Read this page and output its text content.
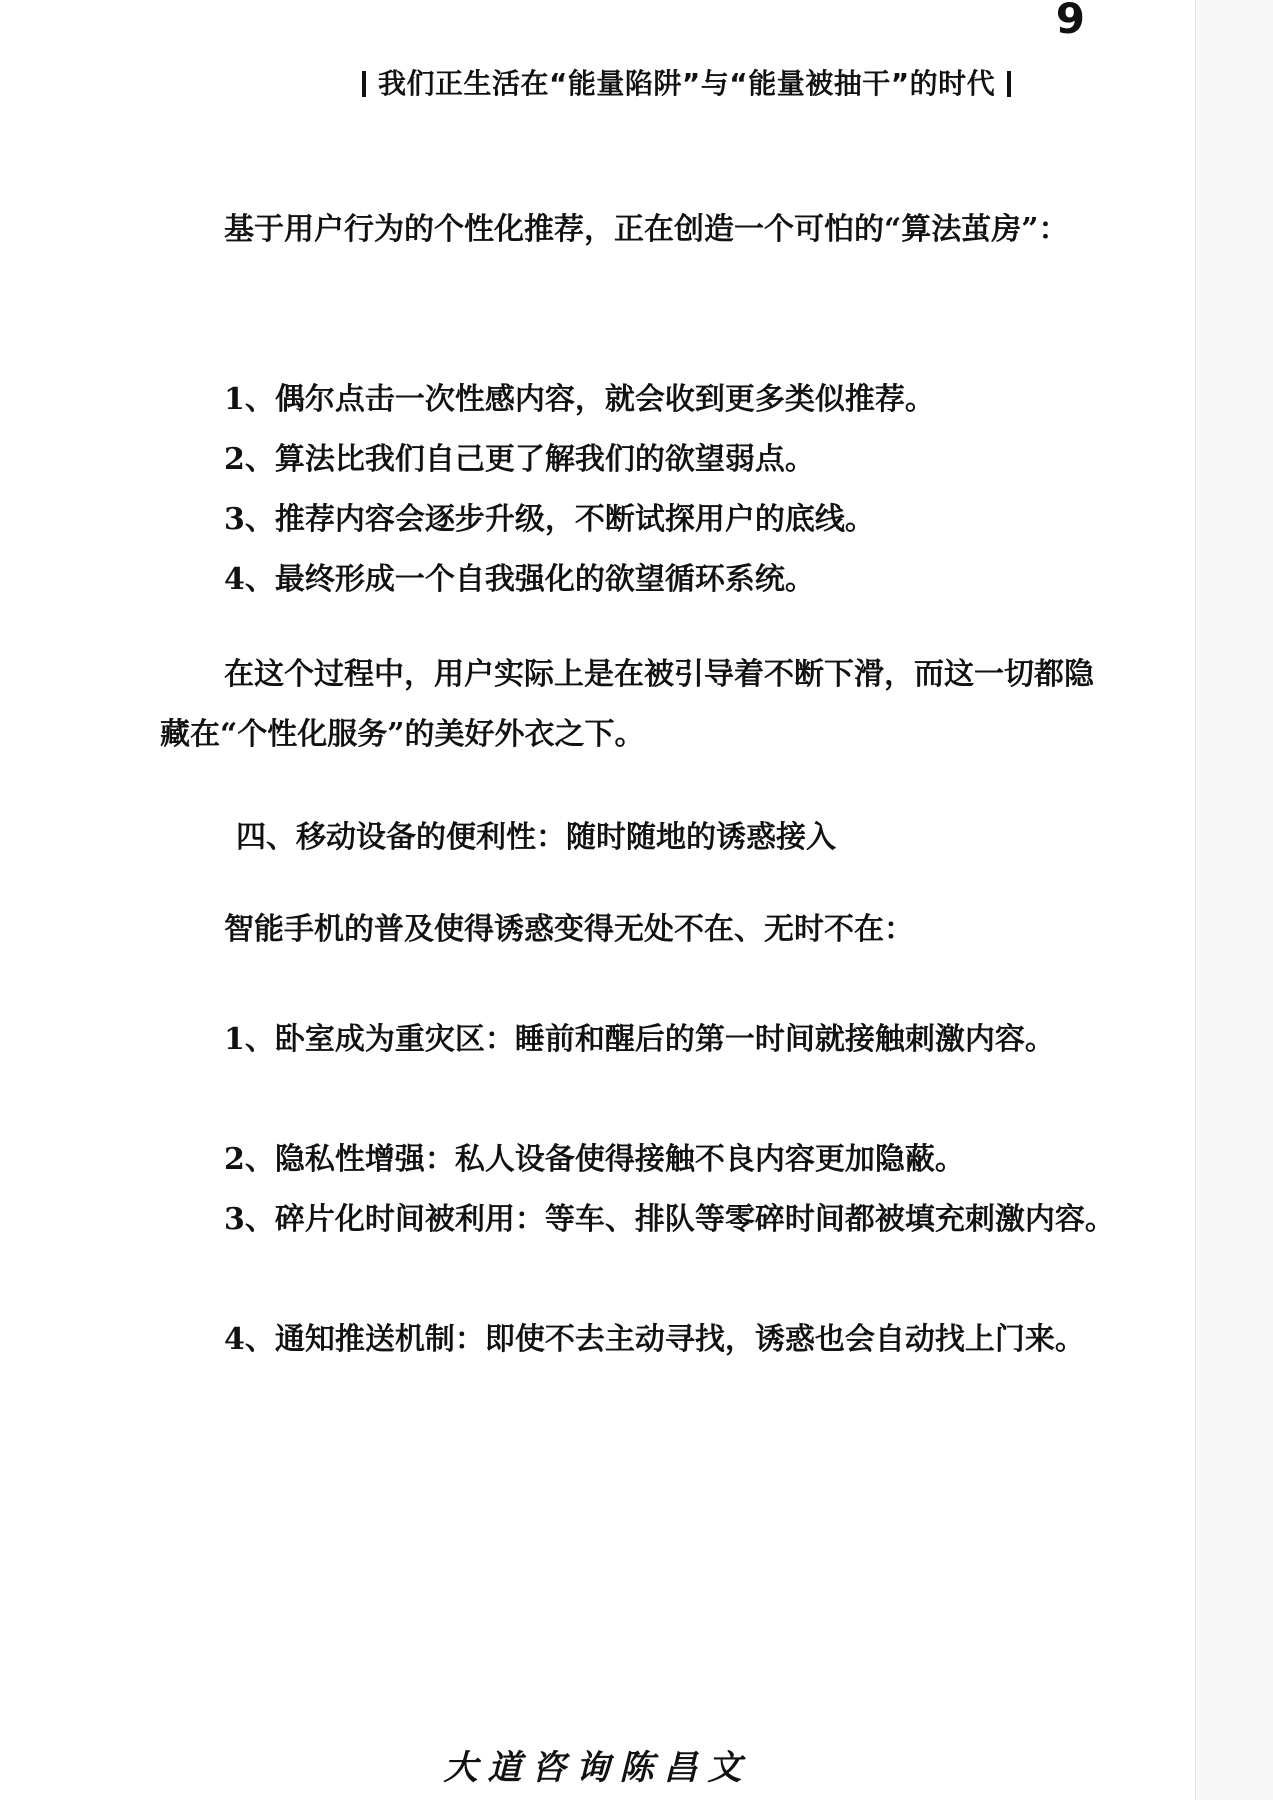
9
我们正生活在“能量陷阱”与“能量被抽干”的时代

基于用户行为的个性化推荐，正在创造一个可怕的“算法茧房”：

1、偶尔点击一次性感内容，就会收到更多类似推荐。

2、算法比我们自己更了解我们的欲望弱点。

3、推荐内容会逐步升级，不断试探用户的底线。

4、最终形成一个自我强化的欲望循环系统。

在这个过程中，用户实际上是在被引导着不断下滑，而这一切都隐藏在“个性化服务”的美好外衣之下。

四、移动设备的便利性：随时随地的诱惑接入

智能手机的普及使得诱惑变得无处不在、无时不在：

1、卧室成为重灾区：睡前和醒后的第一时间就接触刺激内容。

2、隐私性增强：私人设备使得接触不良内容更加隐蔽。

3、碎片化时间被利用：等车、排队等零碎时间都被填充刺激内容。

4、通知推送机制：即使不去主动寻找，诱惑也会自动找上门来。

大道咨询陈昌文
